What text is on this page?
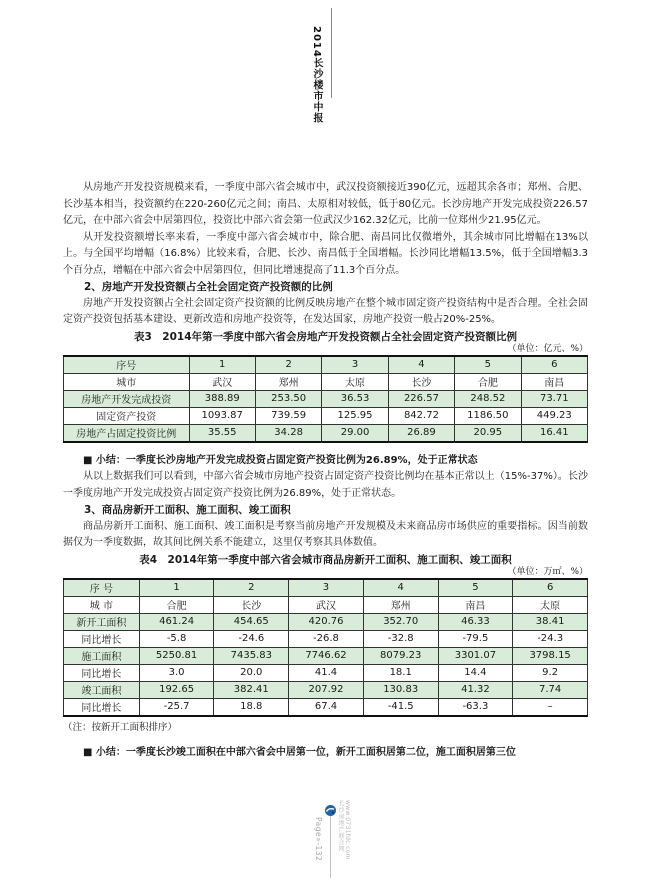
2014长沙楼市中报

从房地产开发投资规模来看，一季度中部六省会城市中，武汉投资额接近390亿元，远超其余各市；郑州、合肥、长沙基本相当，投资额约在220-260亿元之间；南昌、太原相对较低，低于80亿元。长沙房地产开发完成投资226.57亿元，在中部六省会中居第四位，投资比中部六省会第一位武汉少162.32亿元，比前一位郑州少21.95亿元。

从开发投资额增长率来看，一季度中部六省会城市中，除合肥、南昌同比仅微增外，其余城市同比增幅在13%以上。与全国平均增幅（16.8%）比较来看，合肥、长沙、南昌低于全国增幅。长沙同比增幅13.5%，低于全国增幅3.3个百分点，增幅在中部六省会中居第四位，但同比增速提高了11.3个百分点。

2、房地产开发投资额占全社会固定资产投资额的比例

房地产开发投资额占全社会固定资产投资额的比例反映房地产在整个城市固定资产投资结构中是否合理。全社会固定资产投资包括基本建设、更新改造和房地产投资等，在发达国家，房地产投资一般占20%-25%。

表3　2014年第一季度中部六省会房地产开发投资额占全社会固定资产投资额比例
（单位：亿元、%）
序号	1	2	3	4	5	6
城市	武汉	郑州	太原	长沙	合肥	南昌
房地产开发完成投资	388.89	253.50	36.53	226.57	248.52	73.71
固定资产投资	1093.87	739.59	125.95	842.72	1186.50	449.23
房地产占固定投资比例	35.55	34.28	29.00	26.89	20.95	16.41
■ 小结：一季度长沙房地产开发完成投资占固定资产投资比例为26.89%，处于正常状态

从以上数据我们可以看到，中部六省会城市房地产投资占固定资产投资比例均在基本正常以上（15%-37%）。长沙一季度房地产开发完成投资占固定资产投资比例为26.89%，处于正常状态。

3、商品房新开工面积、施工面积、竣工面积

商品房新开工面积、施工面积、竣工面积是考察当前房地产开发规模及未来商品房市场供应的重要指标。因当前数据仅为一季度数据，故其间比例关系不能建立，这里仅考察其具体数值。

表4　2014年第一季度中部六省会城市商品房新开工面积、施工面积、竣工面积
（单位：万㎡、%）
序 号	1	2	3	4	5	6
城 市	合肥	长沙	武汉	郑州	南昌	太原
新开工面积	461.24	454.65	420.76	352.70	46.33	38.41
同比增长	-5.8	-24.6	-26.8	-32.8	-79.5	-24.3
施工面积	5250.81	7435.83	7746.62	8079.23	3301.07	3798.15
同比增长	3.0	20.0	41.4	18.1	14.4	9.2
竣工面积	192.65	382.41	207.92	130.83	41.32	7.74
同比增长	-25.7	18.8	67.4	-41.5	-63.3	–
（注：按新开工面积排序）
■ 小结：一季度长沙竣工面积在中部六省会中居第一位，新开工面积居第二位，施工面积居第三位
Page»-132 长沙房地产联合网 www.0731fdc.com
